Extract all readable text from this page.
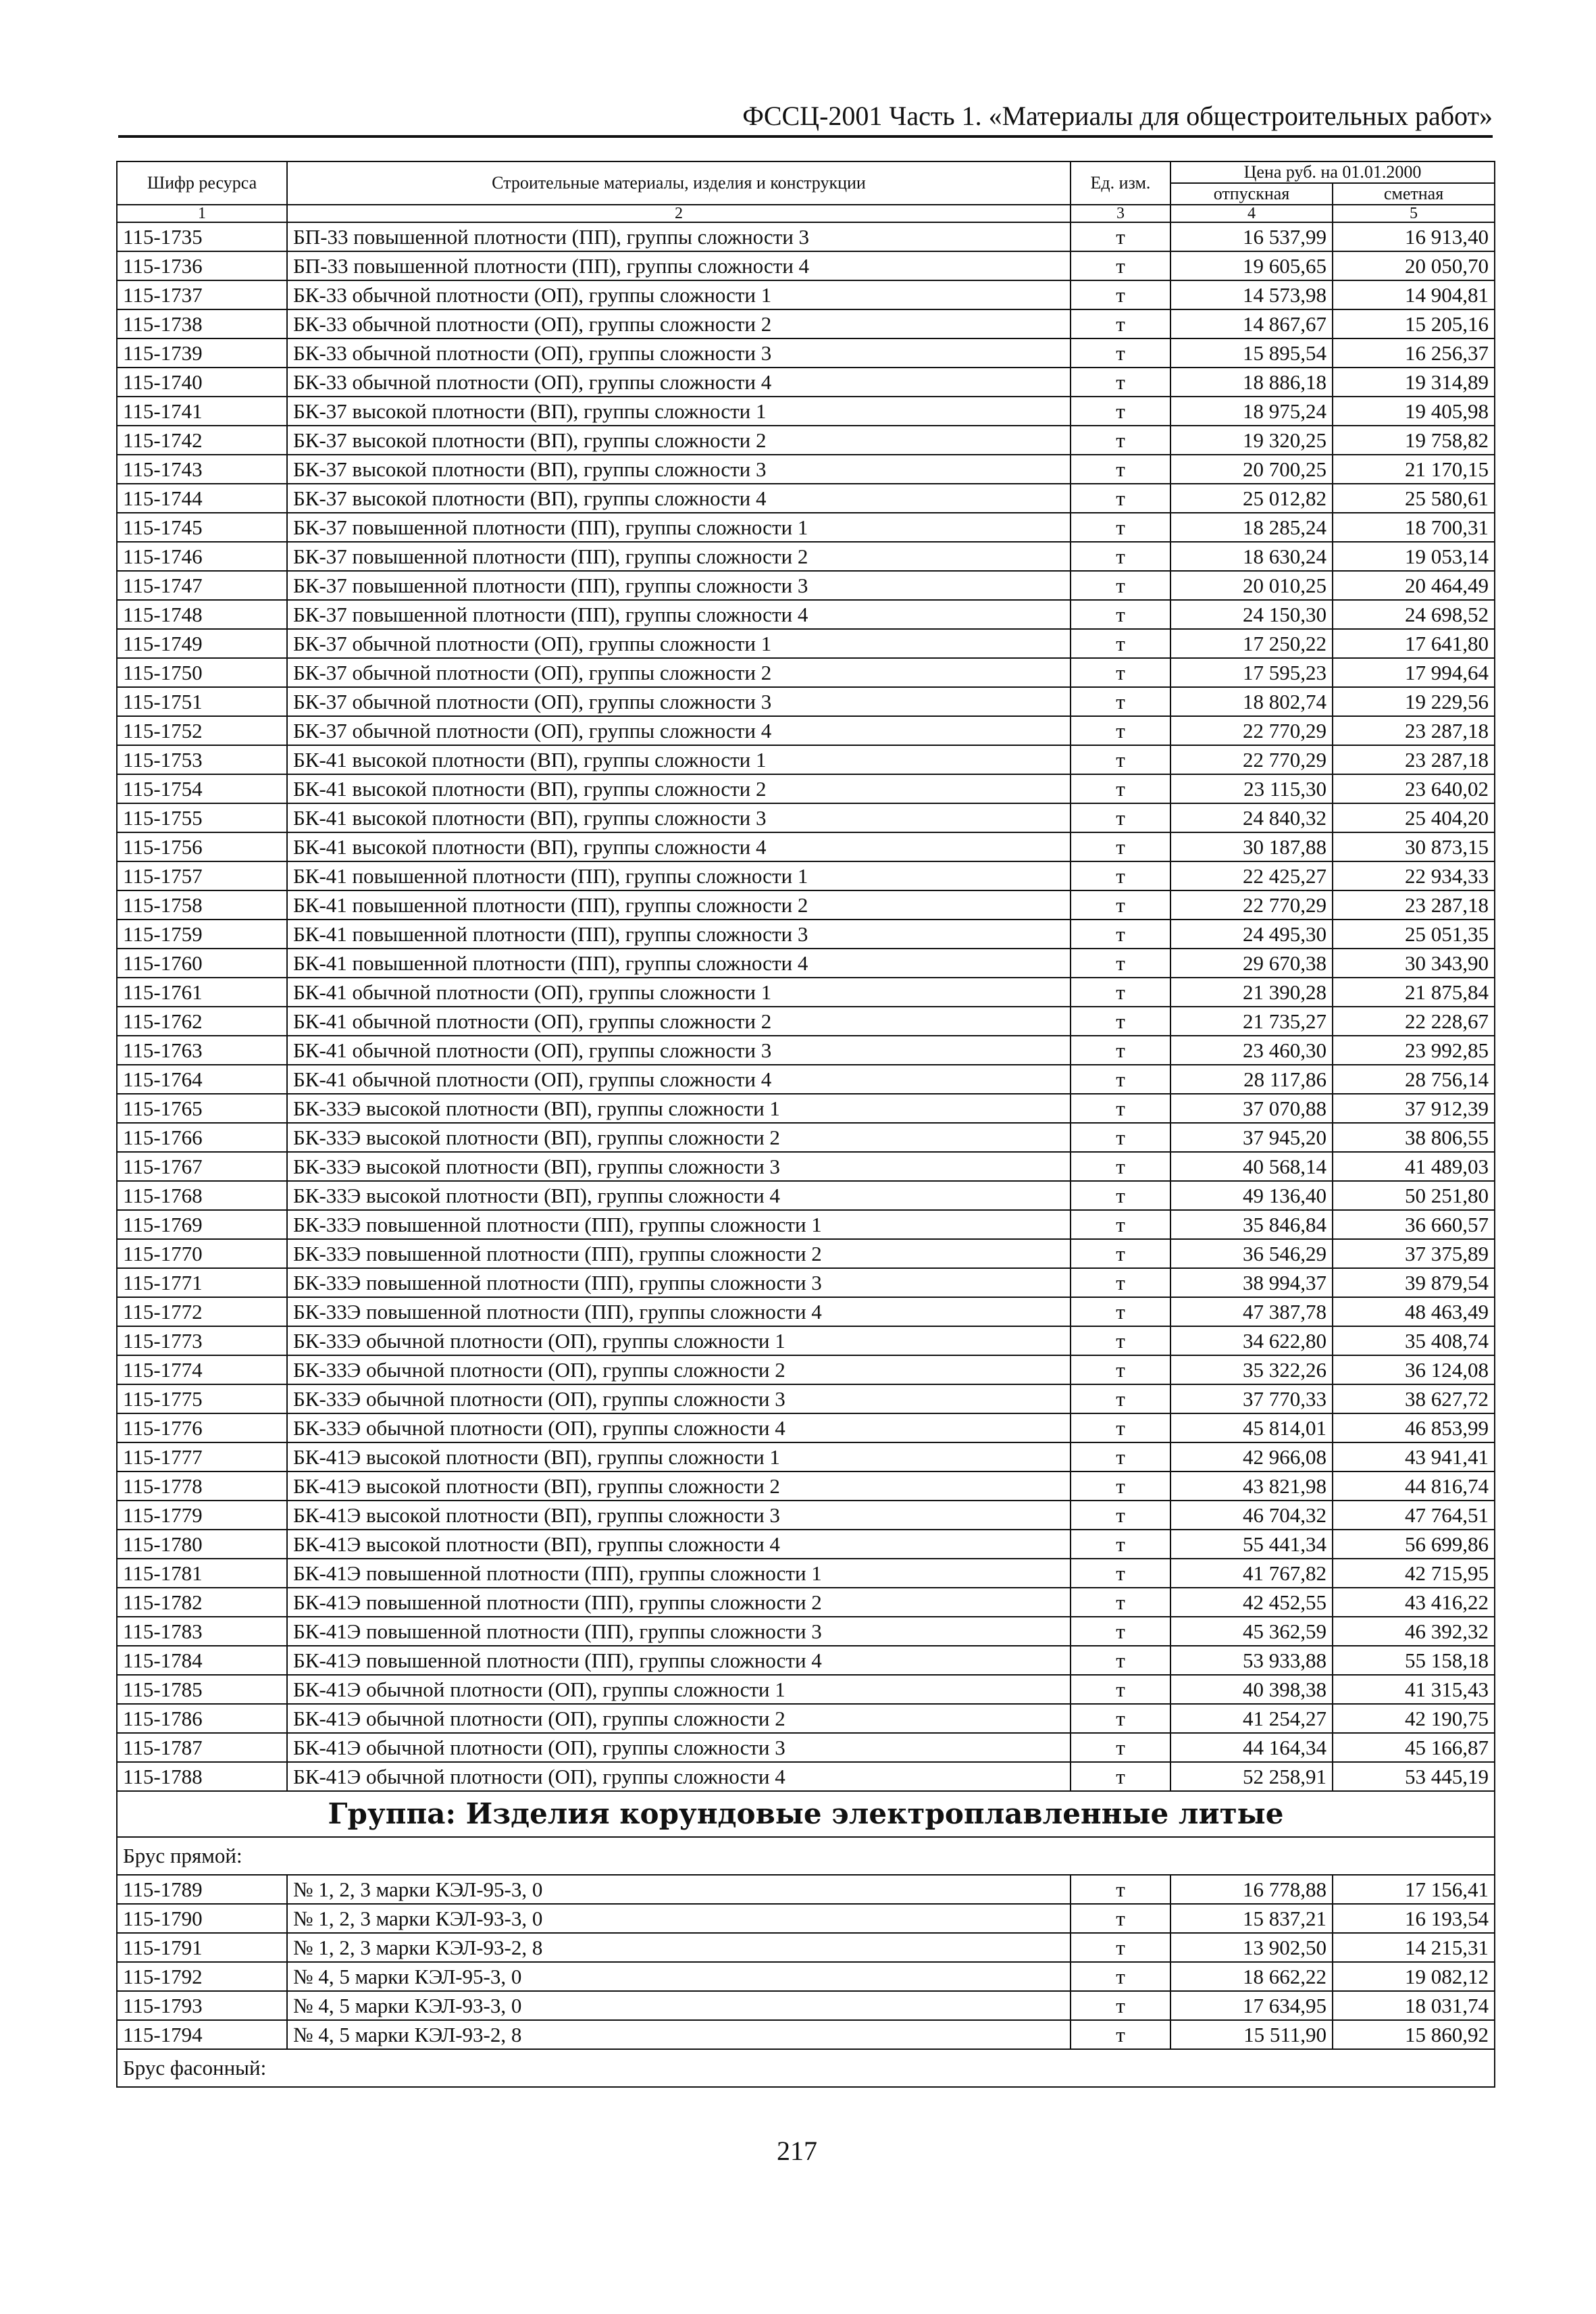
ФССЦ-2001 Часть 1. «Материалы для общестроительных работ»
Шифр ресурса	Строительные материалы, изделия и конструкции	Ед. изм.	Цена руб. на 01.01.2000	
			отпускная	сметная
1	2	3	4	5
115-1735	БП-33 повышенной плотности (ПП), группы сложности 3	т	16 537,99	16 913,40
115-1736	БП-33 повышенной плотности (ПП), группы сложности 4	т	19 605,65	20 050,70
115-1737	БК-33 обычной плотности (ОП), группы сложности 1	т	14 573,98	14 904,81
115-1738	БК-33 обычной плотности (ОП), группы сложности 2	т	14 867,67	15 205,16
115-1739	БК-33 обычной плотности (ОП), группы сложности 3	т	15 895,54	16 256,37
115-1740	БК-33 обычной плотности (ОП), группы сложности 4	т	18 886,18	19 314,89
115-1741	БК-37 высокой плотности (ВП), группы сложности 1	т	18 975,24	19 405,98
115-1742	БК-37 высокой плотности (ВП), группы сложности 2	т	19 320,25	19 758,82
115-1743	БК-37 высокой плотности (ВП), группы сложности 3	т	20 700,25	21 170,15
115-1744	БК-37 высокой плотности (ВП), группы сложности 4	т	25 012,82	25 580,61
115-1745	БК-37 повышенной плотности (ПП), группы сложности 1	т	18 285,24	18 700,31
115-1746	БК-37 повышенной плотности (ПП), группы сложности 2	т	18 630,24	19 053,14
115-1747	БК-37 повышенной плотности (ПП), группы сложности 3	т	20 010,25	20 464,49
115-1748	БК-37 повышенной плотности (ПП), группы сложности 4	т	24 150,30	24 698,52
115-1749	БК-37 обычной плотности (ОП), группы сложности 1	т	17 250,22	17 641,80
115-1750	БК-37 обычной плотности (ОП), группы сложности 2	т	17 595,23	17 994,64
115-1751	БК-37 обычной плотности (ОП), группы сложности 3	т	18 802,74	19 229,56
115-1752	БК-37 обычной плотности (ОП), группы сложности 4	т	22 770,29	23 287,18
115-1753	БК-41 высокой плотности (ВП), группы сложности 1	т	22 770,29	23 287,18
115-1754	БК-41 высокой плотности (ВП), группы сложности 2	т	23 115,30	23 640,02
115-1755	БК-41 высокой плотности (ВП), группы сложности 3	т	24 840,32	25 404,20
115-1756	БК-41 высокой плотности (ВП), группы сложности 4	т	30 187,88	30 873,15
115-1757	БК-41 повышенной плотности (ПП), группы сложности 1	т	22 425,27	22 934,33
115-1758	БК-41 повышенной плотности (ПП), группы сложности 2	т	22 770,29	23 287,18
115-1759	БК-41 повышенной плотности (ПП), группы сложности 3	т	24 495,30	25 051,35
115-1760	БК-41 повышенной плотности (ПП), группы сложности 4	т	29 670,38	30 343,90
115-1761	БК-41 обычной плотности (ОП), группы сложности 1	т	21 390,28	21 875,84
115-1762	БК-41 обычной плотности (ОП), группы сложности 2	т	21 735,27	22 228,67
115-1763	БК-41 обычной плотности (ОП), группы сложности 3	т	23 460,30	23 992,85
115-1764	БК-41 обычной плотности (ОП), группы сложности 4	т	28 117,86	28 756,14
115-1765	БК-33Э высокой плотности (ВП), группы сложности 1	т	37 070,88	37 912,39
115-1766	БК-33Э высокой плотности (ВП), группы сложности 2	т	37 945,20	38 806,55
115-1767	БК-33Э высокой плотности (ВП), группы сложности 3	т	40 568,14	41 489,03
115-1768	БК-33Э высокой плотности (ВП), группы сложности 4	т	49 136,40	50 251,80
115-1769	БК-33Э повышенной плотности (ПП), группы сложности 1	т	35 846,84	36 660,57
115-1770	БК-33Э повышенной плотности (ПП), группы сложности 2	т	36 546,29	37 375,89
115-1771	БК-33Э повышенной плотности (ПП), группы сложности 3	т	38 994,37	39 879,54
115-1772	БК-33Э повышенной плотности (ПП), группы сложности 4	т	47 387,78	48 463,49
115-1773	БК-33Э обычной плотности (ОП), группы сложности 1	т	34 622,80	35 408,74
115-1774	БК-33Э обычной плотности (ОП), группы сложности 2	т	35 322,26	36 124,08
115-1775	БК-33Э обычной плотности (ОП), группы сложности 3	т	37 770,33	38 627,72
115-1776	БК-33Э обычной плотности (ОП), группы сложности 4	т	45 814,01	46 853,99
115-1777	БК-41Э высокой плотности (ВП), группы сложности 1	т	42 966,08	43 941,41
115-1778	БК-41Э высокой плотности (ВП), группы сложности 2	т	43 821,98	44 816,74
115-1779	БК-41Э высокой плотности (ВП), группы сложности 3	т	46 704,32	47 764,51
115-1780	БК-41Э высокой плотности (ВП), группы сложности 4	т	55 441,34	56 699,86
115-1781	БК-41Э повышенной плотности (ПП), группы сложности 1	т	41 767,82	42 715,95
115-1782	БК-41Э повышенной плотности (ПП), группы сложности 2	т	42 452,55	43 416,22
115-1783	БК-41Э повышенной плотности (ПП), группы сложности 3	т	45 362,59	46 392,32
115-1784	БК-41Э повышенной плотности (ПП), группы сложности 4	т	53 933,88	55 158,18
115-1785	БК-41Э обычной плотности (ОП), группы сложности 1	т	40 398,38	41 315,43
115-1786	БК-41Э обычной плотности (ОП), группы сложности 2	т	41 254,27	42 190,75
115-1787	БК-41Э обычной плотности (ОП), группы сложности 3	т	44 164,34	45 166,87
115-1788	БК-41Э обычной плотности (ОП), группы сложности 4	т	52 258,91	53 445,19
Группа: Изделия корундовые электроплавленные литые				
Брус прямой:				
115-1789	№ 1, 2, 3 марки КЭЛ-95-3, 0	т	16 778,88	17 156,41
115-1790	№ 1, 2, 3 марки КЭЛ-93-3, 0	т	15 837,21	16 193,54
115-1791	№ 1, 2, 3 марки КЭЛ-93-2, 8	т	13 902,50	14 215,31
115-1792	№ 4, 5 марки КЭЛ-95-3, 0	т	18 662,22	19 082,12
115-1793	№ 4, 5 марки КЭЛ-93-3, 0	т	17 634,95	18 031,74
115-1794	№ 4, 5 марки КЭЛ-93-2, 8	т	15 511,90	15 860,92
Брус фасонный:				
217
